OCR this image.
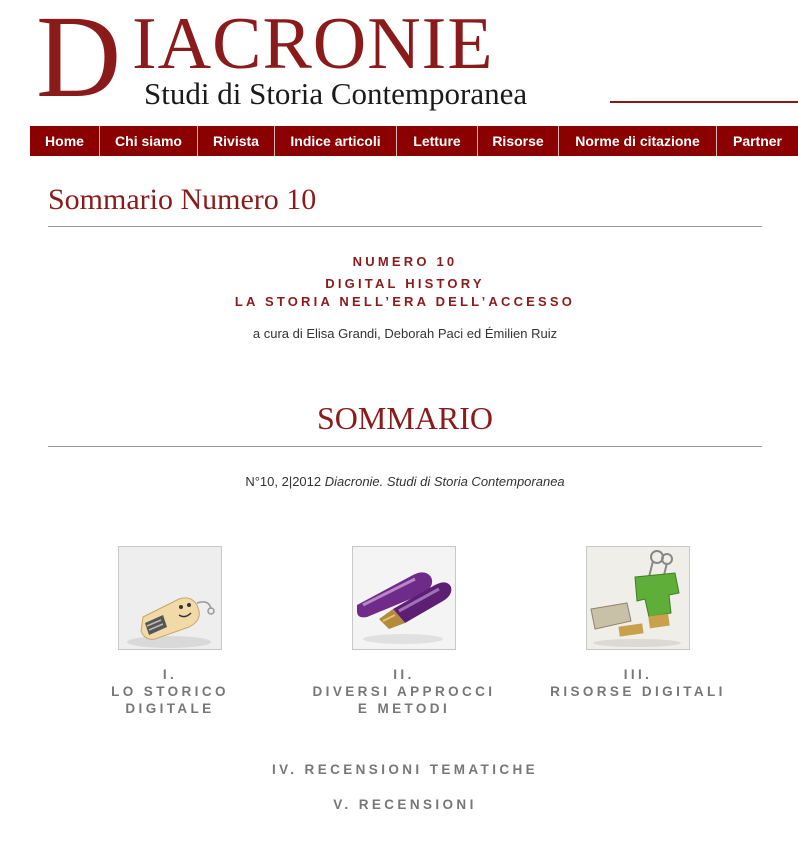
D IACRONIE
Studi di Storia Contemporanea
Home	Chi siamo	Rivista	Indice articoli	Letture	Risorse	Norme di citazione	Partner
Sommario Numero 10
NUMERO 10
DIGITAL HISTORY
LA STORIA NELL’ERA DELL’ACCESSO
a cura di Elisa Grandi, Deborah Paci ed Émilien Ruiz
SOMMARIO
N°10, 2|2012 Diacronie. Studi di Storia Contemporanea
I.
LO STORICO
DIGITALE
II.
DIVERSI APPROCCI
E METODI
III.
RISORSE DIGITALI
IV. RECENSIONI TEMATICHE
V. RECENSIONI
